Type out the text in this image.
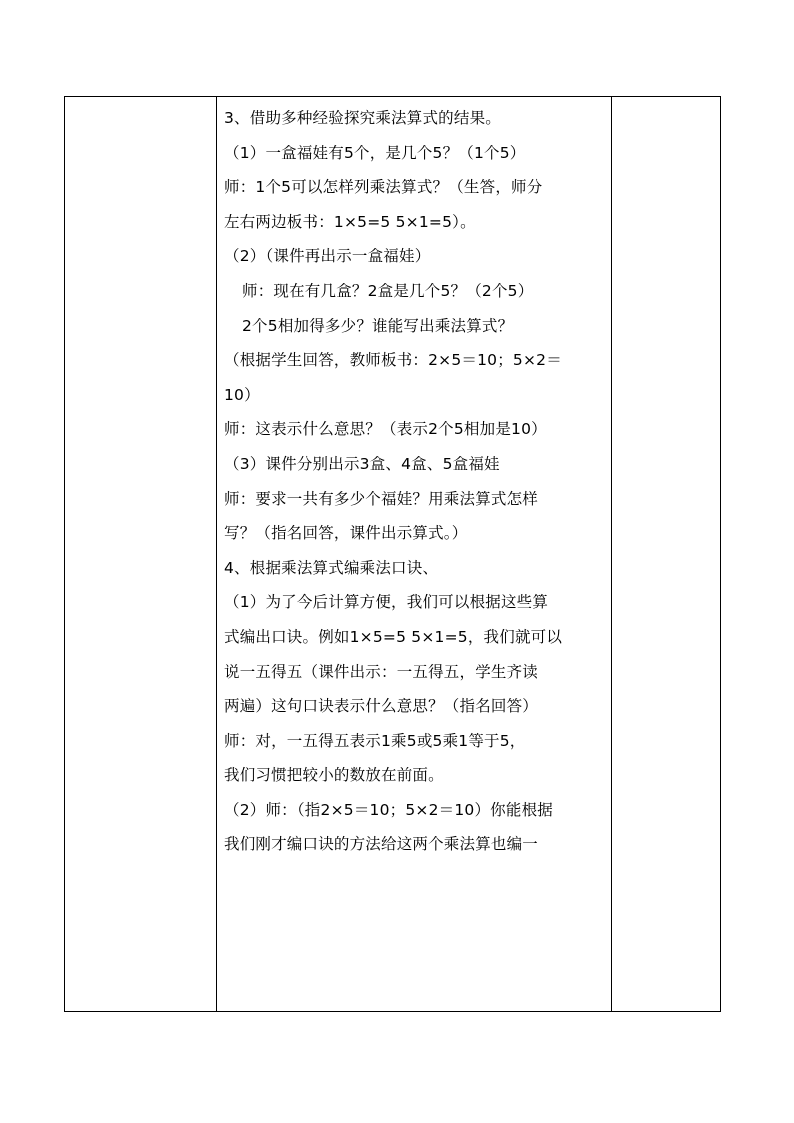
3、借助多种经验探究乘法算式的结果。
（1）一盒福娃有5个，是几个5？（1个5）
师：1个5可以怎样列乘法算式？（生答，师分
左右两边板书：1×5=5 5×1=5）。
（2）（课件再出示一盒福娃）
师：现在有几盒？2盒是几个5？（2个5）
2个5相加得多少？谁能写出乘法算式？
（根据学生回答，教师板书：2×5＝10；5×2＝
10）
师：这表示什么意思？（表示2个5相加是10）
（3）课件分别出示3盒、4盒、5盒福娃
师：要求一共有多少个福娃？用乘法算式怎样
写？（指名回答，课件出示算式。）
4、根据乘法算式编乘法口诀、
（1）为了今后计算方便，我们可以根据这些算
式编出口诀。例如1×5=5 5×1=5，我们就可以
说一五得五（课件出示：一五得五，学生齐读
两遍）这句口诀表示什么意思？（指名回答）
师：对，一五得五表示1乘5或5乘1等于5，
我们习惯把较小的数放在前面。
（2）师：（指2×5＝10；5×2＝10）你能根据
我们刚才编口诀的方法给这两个乘法算也编一
